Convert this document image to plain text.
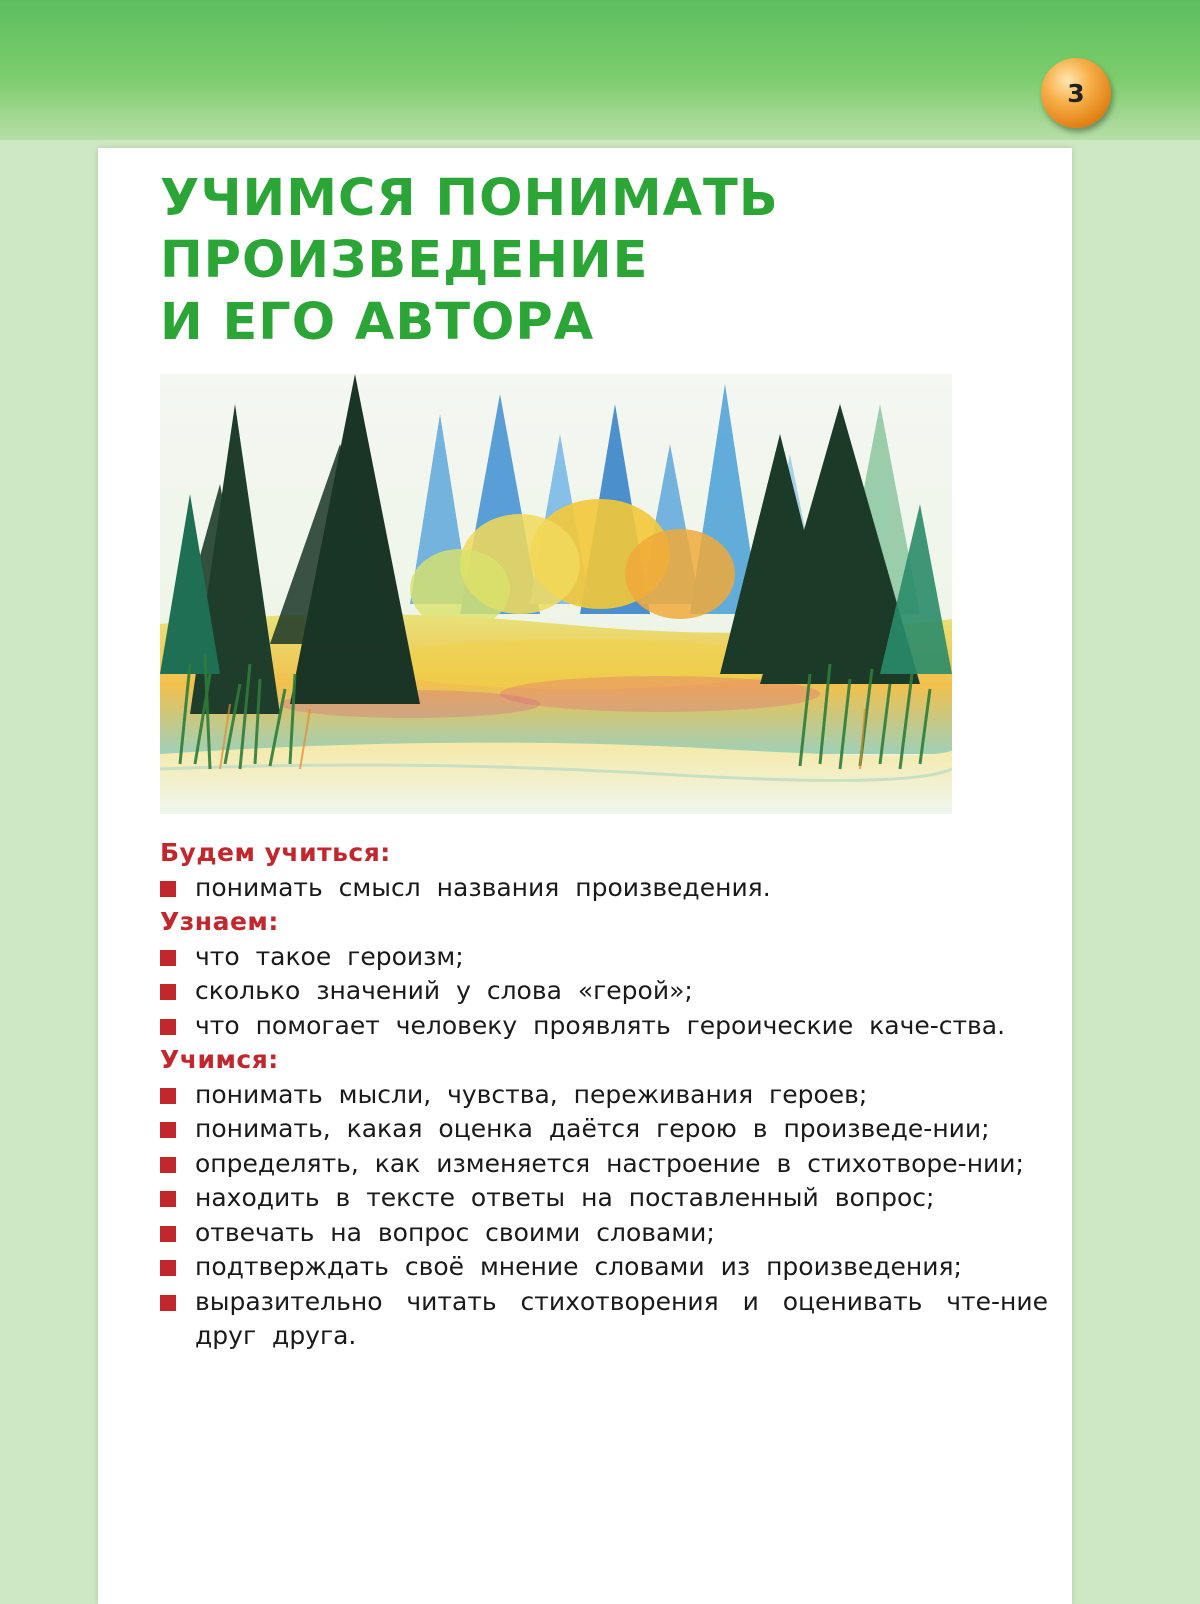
3
УЧИМСЯ ПОНИМАТЬ
ПРОИЗВЕДЕНИЕ
И ЕГО АВТОРА
Будем учиться:
понимать смысл названия произведения.
Узнаем:
что такое героизм;
сколько значений у слова «герой»;
что помогает человеку проявлять героические каче-ства.
Учимся:
понимать мысли, чувства, переживания героев;
понимать, какая оценка даётся герою в произведе-нии;
определять, как изменяется настроение в стихотворе-нии;
находить в тексте ответы на поставленный вопрос;
отвечать на вопрос своими словами;
подтверждать своё мнение словами из произведения;
выразительно читать стихотворения и оценивать чте-ние друг друга.
